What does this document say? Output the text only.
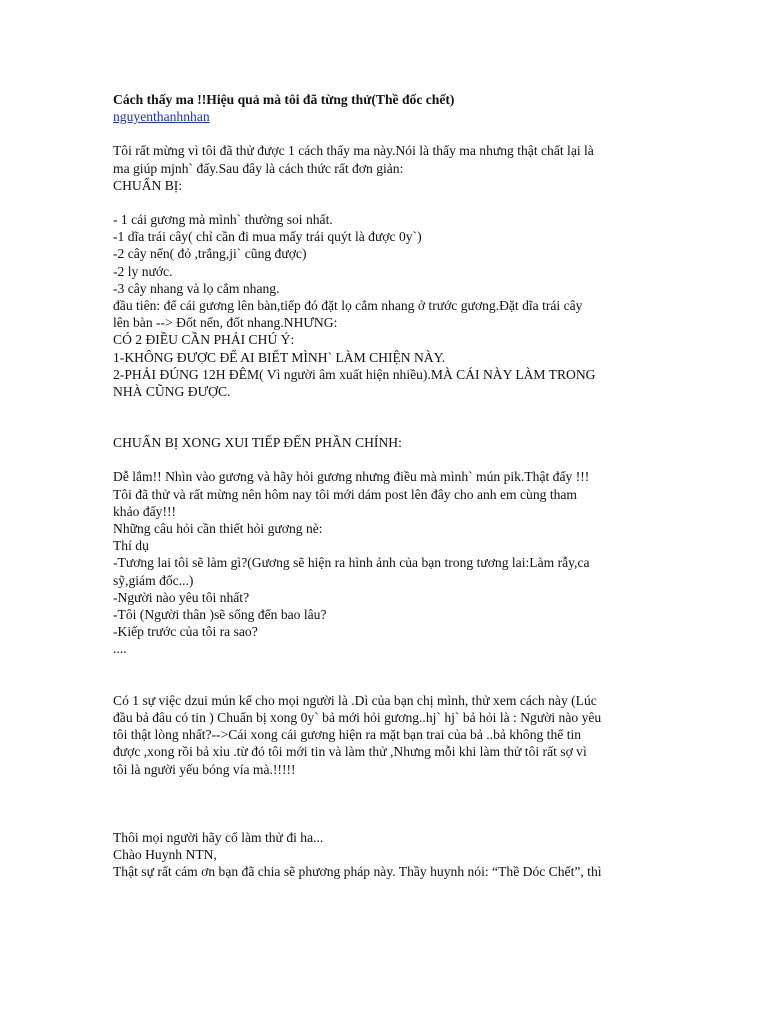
Cách thấy ma !!Hiệu quả mà tôi đã từng thử(Thề đốc chết)
nguyenthanhnhan
Tôi rất mừng vì tôi đã thử được 1 cách thấy ma này.Nói là thấy ma nhưng thật chất lại là
ma giúp mjnh` đấy.Sau đây là cách thức rất đơn giản:
CHUẨN BỊ:
- 1 cái gương mà mình` thường soi nhất.
-1 dĩa trái cây( chỉ cần đi mua mấy trái quýt là được 0y`)
-2 cây nến( đỏ ,trắng,ji` cũng được)
-2 ly nước.
-3 cây nhang và lọ cắm nhang.
đầu tiên: để cái gương lên bàn,tiếp đó đặt lọ cắm nhang ở trước gương.Đặt dĩa trái cây
lên bàn --> Đốt nến, đốt nhang.NHƯNG:
CÓ 2 ĐIỀU CẦN PHẢI CHÚ Ý:
1-KHÔNG ĐƯỢC ĐỂ AI BIẾT MÌNH` LÀM CHIỆN NÀY.
2-PHẢI ĐÚNG 12H ĐÊM( Vì người âm xuất hiện nhiều).MÀ CÁI NÀY LÀM TRONG
NHÀ CŨNG ĐƯỢC.
CHUẨN BỊ XONG XUI TIẾP ĐẾN PHẦN CHÍNH:
Dễ lắm!! Nhìn vào gương và hãy hỏi gương nhưng điều mà mình` mún pik.Thật đấy !!!
Tôi đã thử và rất mừng nên hôm nay tôi mới dám post lên đây cho anh em cùng tham
khảo đấy!!!
Những câu hỏi cần thiết hỏi gương nè:
Thí dụ
-Tương lai tôi sẽ làm gì?(Gương sẽ hiện ra hình ảnh của bạn trong tương lai:Làm rẫy,ca
sỹ,giám đốc...)
-Người nào yêu tôi nhất?
-Tôi (Người thân )sẽ sống đến bao lâu?
-Kiếp trước của tôi ra sao?
....
Có 1 sự việc dzui mún kể cho mọi người là .Dì của bạn chị mình, thử xem cách này (Lúc
đầu bả đâu có tin ) Chuẩn bị xong 0y` bả mới hỏi gương..hj` hj` bả hỏi là : Người nào yêu
tôi thật lòng nhất?-->Cái xong cái gương hiện ra mặt bạn trai của bả ..bả không thể tin
được ,xong rồi bả xỉu .từ đó tôi mới tin và làm thử ,Nhưng mỗi khi làm thử tôi rất sợ vì
tôi là người yếu bóng vía mà.!!!!!
Thôi mọi người hãy cố làm thử đi ha...
Chào Huynh NTN,
Thật sự rất cám ơn bạn đã chia sẽ phương pháp này. Thầy huynh nói: “Thề Dóc Chết”, thì
